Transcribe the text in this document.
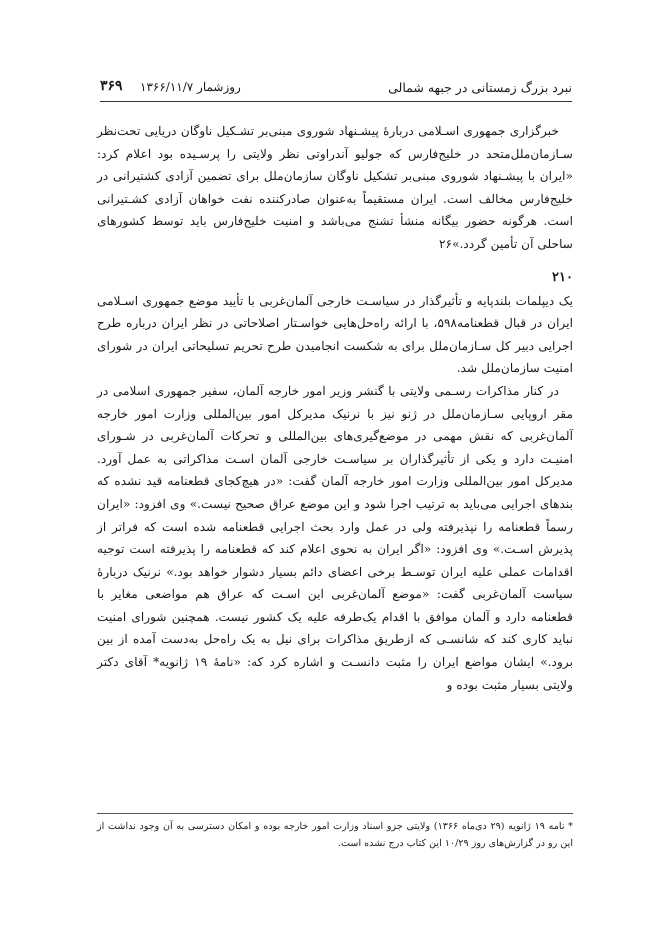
نبرد بزرگ زمستانی در جبهه شمالی
روزشمار ۱۳۶۶/۱۱/۷
۳۶۹

خبرگزاری جمهوری اسـلامی دربارهٔ پیشـنهاد شوروی مبنی‌بر تشـکیل ناوگان دریایی تحت‌نظر سـازمان‌ملل‌متحد در خلیج‌فارس که جولیو آندراوتی نظر ولایتی را پرسـیده بود اعلام کرد: «ایران با پیشـنهاد شوروی مبنی‌بر تشکیل ناوگان سازمان‌ملل برای تضمین آزادی کشتیرانی در خلیج‌فارس مخالف است. ایران مستقیماً به‌عنوان صادرکننده نفت خواهان آزادی کشـتیرانی است. هرگونه حضور بیگانه منشأ تشنج می‌باشد و امنیت خلیج‌فارس باید توسط کشورهای ساحلی آن تأمین گردد.»۲۶

۲۱۰

یک دیپلمات بلندپایه و تأثیرگذار در سیاسـت خارجی آلمان‌غربی با تأیید موضع جمهوری اسـلامی ایران در قبال قطعنامه۵۹۸، با ارائه راه‌حل‌هایی خواسـتار اصلاحاتی در نظر ایران درباره طرح اجرایی دبیر کل سـازمان‌ملل برای به شکست انجامیدن طرح تحریم تسلیحاتی ایران در شورای امنیت سازمان‌ملل شد.

در کنار مذاکرات رسـمی ولایتی با گنشر وزیر امور خارجه آلمان، سفیر جمهوری اسلامی در مقر اروپایی سـازمان‌ملل در ژنو نیز با نرنیک مدیرکل امور بین‌المللی وزارت امور خارجه آلمان‌غربی که نقش مهمی در موضع‌گیری‌های بین‌المللی و تحرکات آلمان‌غربی در شـورای امنیـت دارد و یکی از تأثیرگذاران بر سیاسـت خارجی آلمان اسـت مذاکراتی به عمل آورد. مدیرکل امور بین‌المللی وزارت امور خارجه آلمان گفت: «در هیچ‌کجای قطعنامه قید نشده که بندهای اجرایی می‌باید به ترتیب اجرا شود و این موضع عراق صحیح نیست.» وی افزود: «ایران رسماً قطعنامه را نپذیرفته ولی در عمل وارد بحث اجرایی قطعنامه شده است که فراتر از پذیرش اسـت.» وی افزود: «اگر ایران به نحوی اعلام کند که قطعنامه را پذیرفته است توجیه اقدامات عملی علیه ایران توسـط برخی اعضای دائم بسیار دشوار خواهد بود.» نرنیک دربارهٔ سیاست آلمان‌غربی گفت: «موضع آلمان‌غربی این اسـت که عراق هم مواضعی مغایر با قطعنامه دارد و آلمان موافق با اقدام یک‌طرفه علیه یک کشور نیست. همچنین شورای امنیت نباید کاری کند که شانسـی که ازطریق مذاکرات برای نیل به یک راه‌حل به‌دست آمده از بین برود.» ایشان مواضع ایران را مثبت دانسـت و اشاره کرد که: «نامهٔ ۱۹ ژانویه* آقای دکتر ولایتی بسیار مثبت بوده و

* نامه ۱۹ ژانویه (۲۹ دی‌ماه ۱۳۶۶) ولایتی جزو اسناد وزارت امور خارجه بوده و امکان دسترسی به آن وجود نداشت از این رو در گزارش‌های روز ۱۰/۲۹ این کتاب درج نشده است.
